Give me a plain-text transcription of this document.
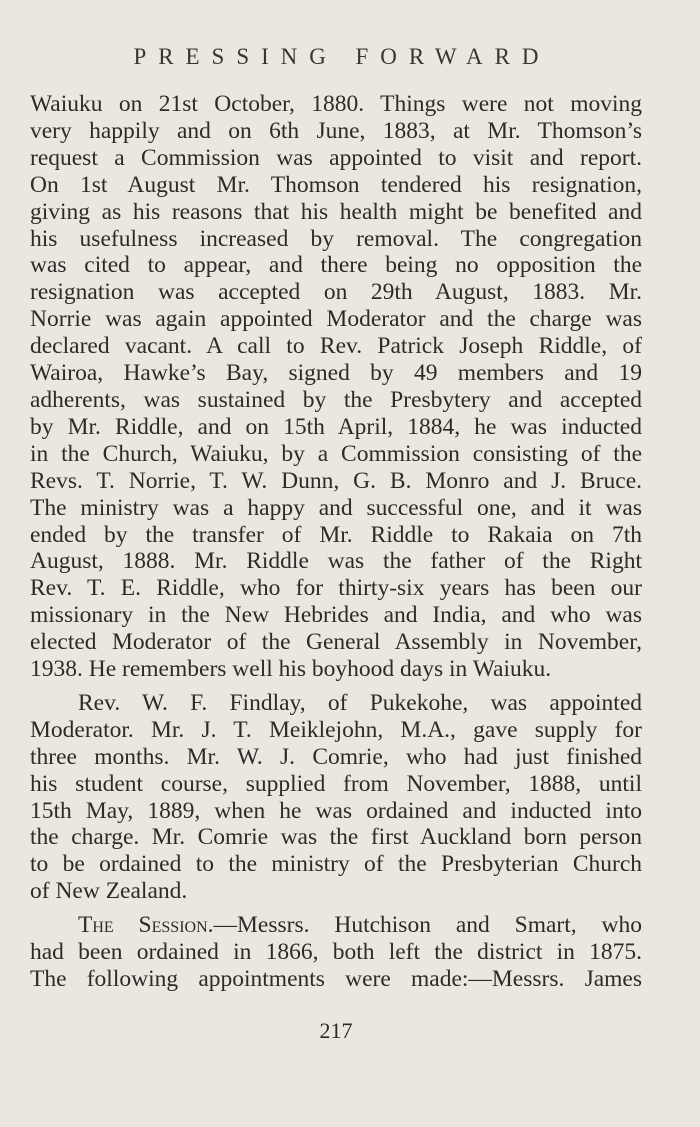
PRESSING FORWARD

Waiuku on 21st October, 1880. Things were not moving

very happily and on 6th June, 1883, at Mr. Thomson’s

request a Commission was appointed to visit and report.

On 1st August Mr. Thomson tendered his resignation,

giving as his reasons that his health might be benefited and

his usefulness increased by removal. The congregation

was cited to appear, and there being no opposition the

resignation was accepted on 29th August, 1883. Mr.

Norrie was again appointed Moderator and the charge was

declared vacant. A call to Rev. Patrick Joseph Riddle, of

Wairoa, Hawke’s Bay, signed by 49 members and 19

adherents, was sustained by the Presbytery and accepted

by Mr. Riddle, and on 15th April, 1884, he was inducted

in the Church, Waiuku, by a Commission consisting of the

Revs. T. Norrie, T. W. Dunn, G. B. Monro and J. Bruce.

The ministry was a happy and successful one, and it was

ended by the transfer of Mr. Riddle to Rakaia on 7th

August, 1888. Mr. Riddle was the father of the Right

Rev. T. E. Riddle, who for thirty-six years has been our

missionary in the New Hebrides and India, and who was

elected Moderator of the General Assembly in November,

1938. He remembers well his boyhood days in Waiuku.

Rev. W. F. Findlay, of Pukekohe, was appointed

Moderator. Mr. J. T. Meiklejohn, M.A., gave supply for

three months. Mr. W. J. Comrie, who had just finished

his student course, supplied from November, 1888, until

15th May, 1889, when he was ordained and inducted into

the charge. Mr. Comrie was the first Auckland born person

to be ordained to the ministry of the Presbyterian Church

of New Zealand.

The Session.—Messrs. Hutchison and Smart, who

had been ordained in 1866, both left the district in 1875.

The following appointments were made:—Messrs. James

217
